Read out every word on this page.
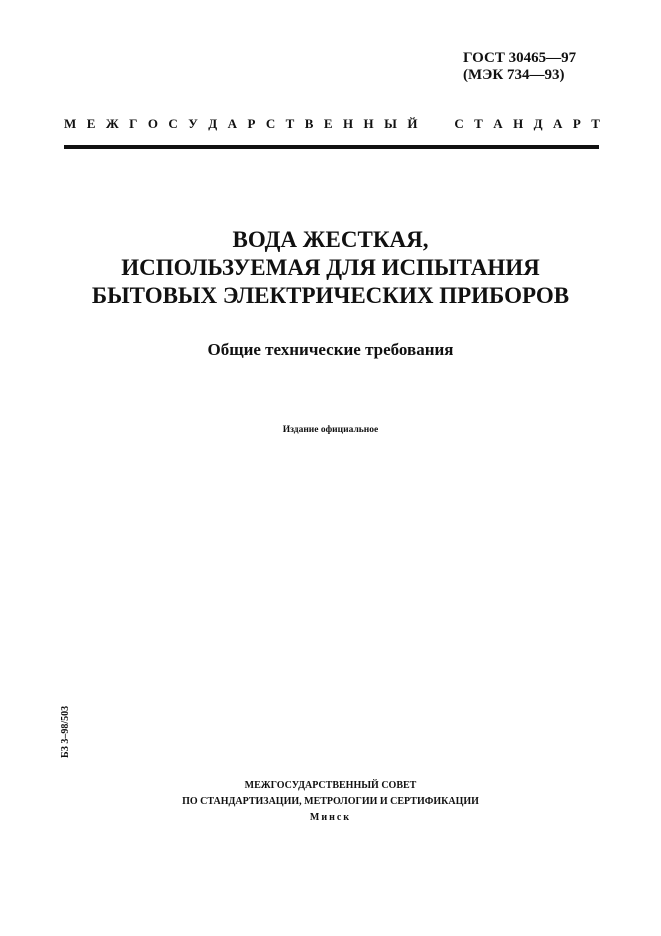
ГОСТ 30465—97
(МЭК 734—93)
М Е Ж Г О С У Д А Р С Т В Е Н Н Ы Й	С Т А Н Д А Р Т
ВОДА ЖЕСТКАЯ,
ИСПОЛЬЗУЕМАЯ ДЛЯ ИСПЫТАНИЯ
БЫТОВЫХ ЭЛЕКТРИЧЕСКИХ ПРИБОРОВ
Общие технические требования
Издание официальное
БЗ 3–98/503
МЕЖГОСУДАРСТВЕННЫЙ СОВЕТ
ПО СТАНДАРТИЗАЦИИ, МЕТРОЛОГИИ И СЕРТИФИКАЦИИ
Минск
